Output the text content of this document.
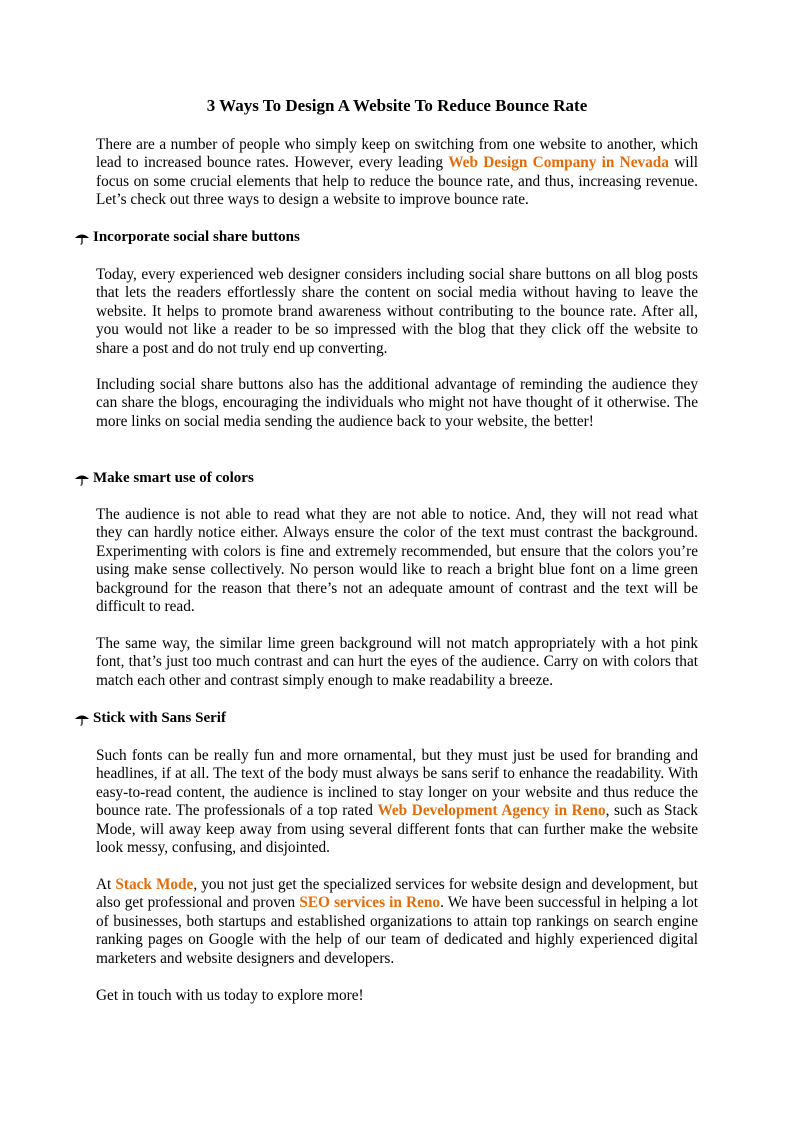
3 Ways To Design A Website To Reduce Bounce Rate

There are a number of people who simply keep on switching from one website to another, which lead to increased bounce rates. However, every leading Web Design Company in Nevada will focus on some crucial elements that help to reduce the bounce rate, and thus, increasing revenue. Let’s check out three ways to design a website to improve bounce rate.

Incorporate social share buttons

Today, every experienced web designer considers including social share buttons on all blog posts that lets the readers effortlessly share the content on social media without having to leave the website. It helps to promote brand awareness without contributing to the bounce rate. After all, you would not like a reader to be so impressed with the blog that they click off the website to share a post and do not truly end up converting.

Including social share buttons also has the additional advantage of reminding the audience they can share the blogs, encouraging the individuals who might not have thought of it otherwise. The more links on social media sending the audience back to your website, the better!

Make smart use of colors

The audience is not able to read what they are not able to notice. And, they will not read what they can hardly notice either. Always ensure the color of the text must contrast the background. Experimenting with colors is fine and extremely recommended, but ensure that the colors you’re using make sense collectively. No person would like to reach a bright blue font on a lime green background for the reason that there’s not an adequate amount of contrast and the text will be difficult to read.

The same way, the similar lime green background will not match appropriately with a hot pink font, that’s just too much contrast and can hurt the eyes of the audience. Carry on with colors that match each other and contrast simply enough to make readability a breeze.

Stick with Sans Serif

Such fonts can be really fun and more ornamental, but they must just be used for branding and headlines, if at all. The text of the body must always be sans serif to enhance the readability. With easy-to-read content, the audience is inclined to stay longer on your website and thus reduce the bounce rate. The professionals of a top rated Web Development Agency in Reno, such as Stack Mode, will away keep away from using several different fonts that can further make the website look messy, confusing, and disjointed.

At Stack Mode, you not just get the specialized services for website design and development, but also get professional and proven SEO services in Reno. We have been successful in helping a lot of businesses, both startups and established organizations to attain top rankings on search engine ranking pages on Google with the help of our team of dedicated and highly experienced digital marketers and website designers and developers.

Get in touch with us today to explore more!
